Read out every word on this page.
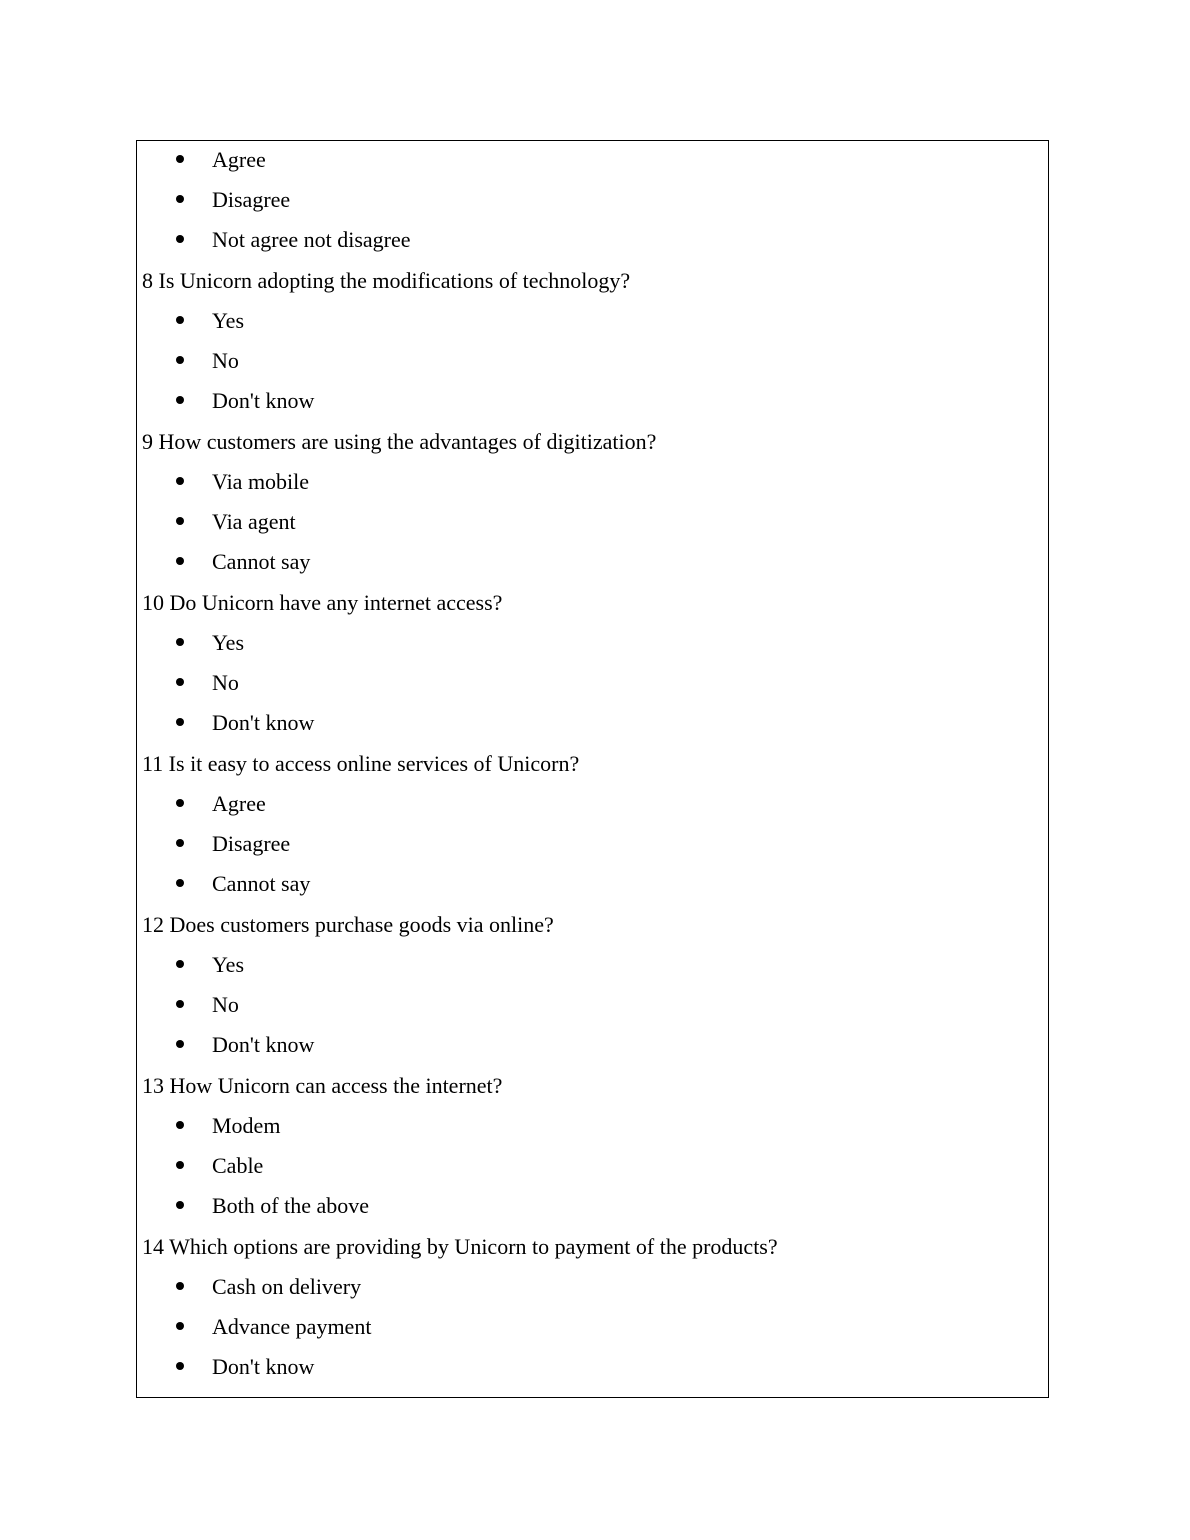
Agree
Disagree
Not agree not disagree
8 Is Unicorn adopting the modifications of technology?
Yes
No
Don't know
9 How customers are using the advantages of digitization?
Via mobile
Via agent
Cannot say
10 Do Unicorn have any internet access?
Yes
No
Don't know
11 Is it easy to access online services of Unicorn?
Agree
Disagree
Cannot say
12 Does customers purchase goods via online?
Yes
No
Don't know
13 How Unicorn can access the internet?
Modem
Cable
Both of the above
14 Which options are providing by Unicorn to payment of the products?
Cash on delivery
Advance payment
Don't know
